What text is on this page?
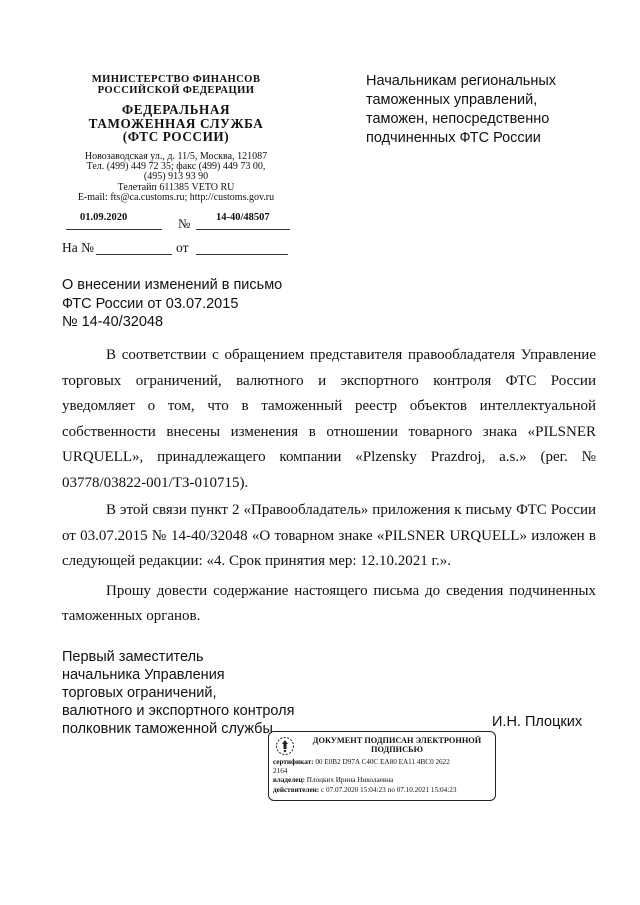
МИНИСТЕРСТВО ФИНАНСОВ
РОССИЙСКОЙ ФЕДЕРАЦИИ
ФЕДЕРАЛЬНАЯ
ТАМОЖЕННАЯ СЛУЖБА
(ФТС РОССИИ)
Новозаводская ул., д. 11/5, Москва, 121087
Тел. (499) 449 72 35; факс (499) 449 73 00,
(495) 913 93 90
Телетайп 611385 VETO RU
E-mail: fts@ca.customs.ru; http://customs.gov.ru
01.09.2020	№ 14-40/48507
На №	от
Начальникам региональных таможенных управлений, таможен, непосредственно подчиненных ФТС России
О внесении изменений в письмо
ФТС России от 03.07.2015
№ 14-40/32048

В соответствии с обращением представителя правообладателя Управление торговых ограничений, валютного и экспортного контроля ФТС России уведомляет о том, что в таможенный реестр объектов интеллектуальной собственности внесены изменения в отношении товарного знака «PILSNER URQUELL», принадлежащего компании «Plzensky Prazdroj, a.s.» (рег. № 03778/03822-001/ТЗ-010715).

В этой связи пункт 2 «Правообладатель» приложения к письму ФТС России от 03.07.2015 № 14-40/32048 «О товарном знаке «PILSNER URQUELL» изложен в следующей редакции: «4. Срок принятия мер: 12.10.2021 г.».

Прошу довести содержание настоящего письма до сведения подчиненных таможенных органов.

Первый заместитель
начальника Управления
торговых ограничений,
валютного и экспортного контроля
полковник таможенной службы	И.Н. Плоцких
ДОКУМЕНТ ПОДПИСАН ЭЛЕКТРОННОЙ ПОДПИСЬЮ
сертификат: 00 E0B2 D97A C40C EA80 EA11 4BC0 2622
2164
владелец: Плоцких Ирина Николаевна
действителен: с 07.07.2020 15:04:23 по 07.10.2021 15:04:23
